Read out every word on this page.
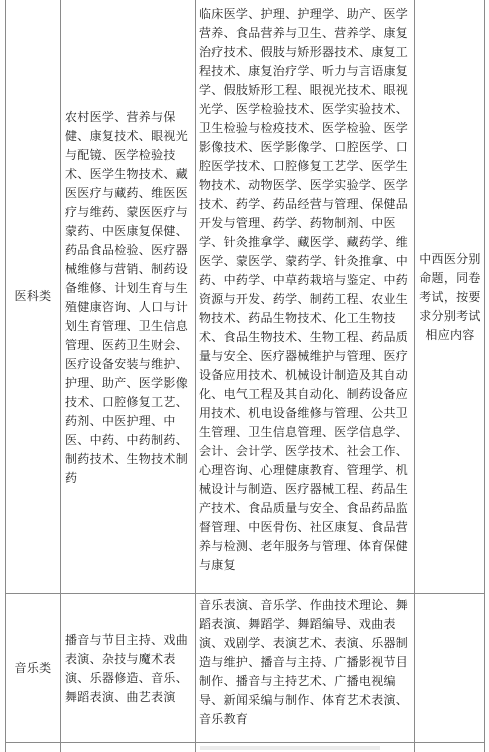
医科类
农村医学、营养与保健、康复技术、眼视光与配镜、医学检验技术、医学生物技术、藏医医疗与藏药、维医医疗与维药、蒙医医疗与蒙药、中医康复保健、药品食品检验、医疗器械维修与营销、制药设备维修、计划生育与生殖健康咨询、人口与计划生育管理、卫生信息管理、医药卫生财会、医疗设备安装与维护、护理、助产、医学影像技术、口腔修复工艺、药剂、中医护理、中医、中药、中药制药、制药技术、生物技术制药
临床医学、护理、护理学、助产、医学营养、食品营养与卫生、营养学、康复治疗技术、假肢与矫形器技术、康复工程技术、康复治疗学、听力与言语康复学、假肢矫形工程、眼视光技术、眼视光学、医学检验技术、医学实验技术、卫生检验与检疫技术、医学检验、医学影像技术、医学影像学、口腔医学、口腔医学技术、口腔修复工艺学、医学生物技术、动物医学、医学实验学、医学技术、药学、药品经营与管理、保健品开发与管理、药学、药物制剂、中医学、针灸推拿学、藏医学、藏药学、维医学、蒙医学、蒙药学、针灸推拿、中药、中药学、中草药栽培与鉴定、中药资源与开发、药学、制药工程、农业生物技术、药品生物技术、化工生物技术、食品生物技术、生物工程、药品质量与安全、医疗器械维护与管理、医疗设备应用技术、机械设计制造及其自动化、电气工程及其自动化、制药设备应用技术、机电设备维修与管理、公共卫生管理、卫生信息管理、医学信息学、会计、会计学、医学技术、社会工作、心理咨询、心理健康教育、管理学、机械设计与制造、医疗器械工程、药品生产技术、食品质量与安全、食品药品监督管理、中医骨伤、社区康复、食品营养与检测、老年服务与管理、体育保健与康复
中西医分别命题，同卷考试，按要求分别考试相应内容
音乐类
播音与节目主持、戏曲表演、杂技与魔术表演、乐器修造、音乐、舞蹈表演、曲艺表演
音乐表演、音乐学、作曲技术理论、舞蹈表演、舞蹈学、舞蹈编导、戏曲表演、戏剧学、表演艺术、表演、乐器制造与维护、播音与主持、广播影视节目制作、播音与主持艺术、广播电视编导、新闻采编与制作、体育艺术表演、音乐教育
